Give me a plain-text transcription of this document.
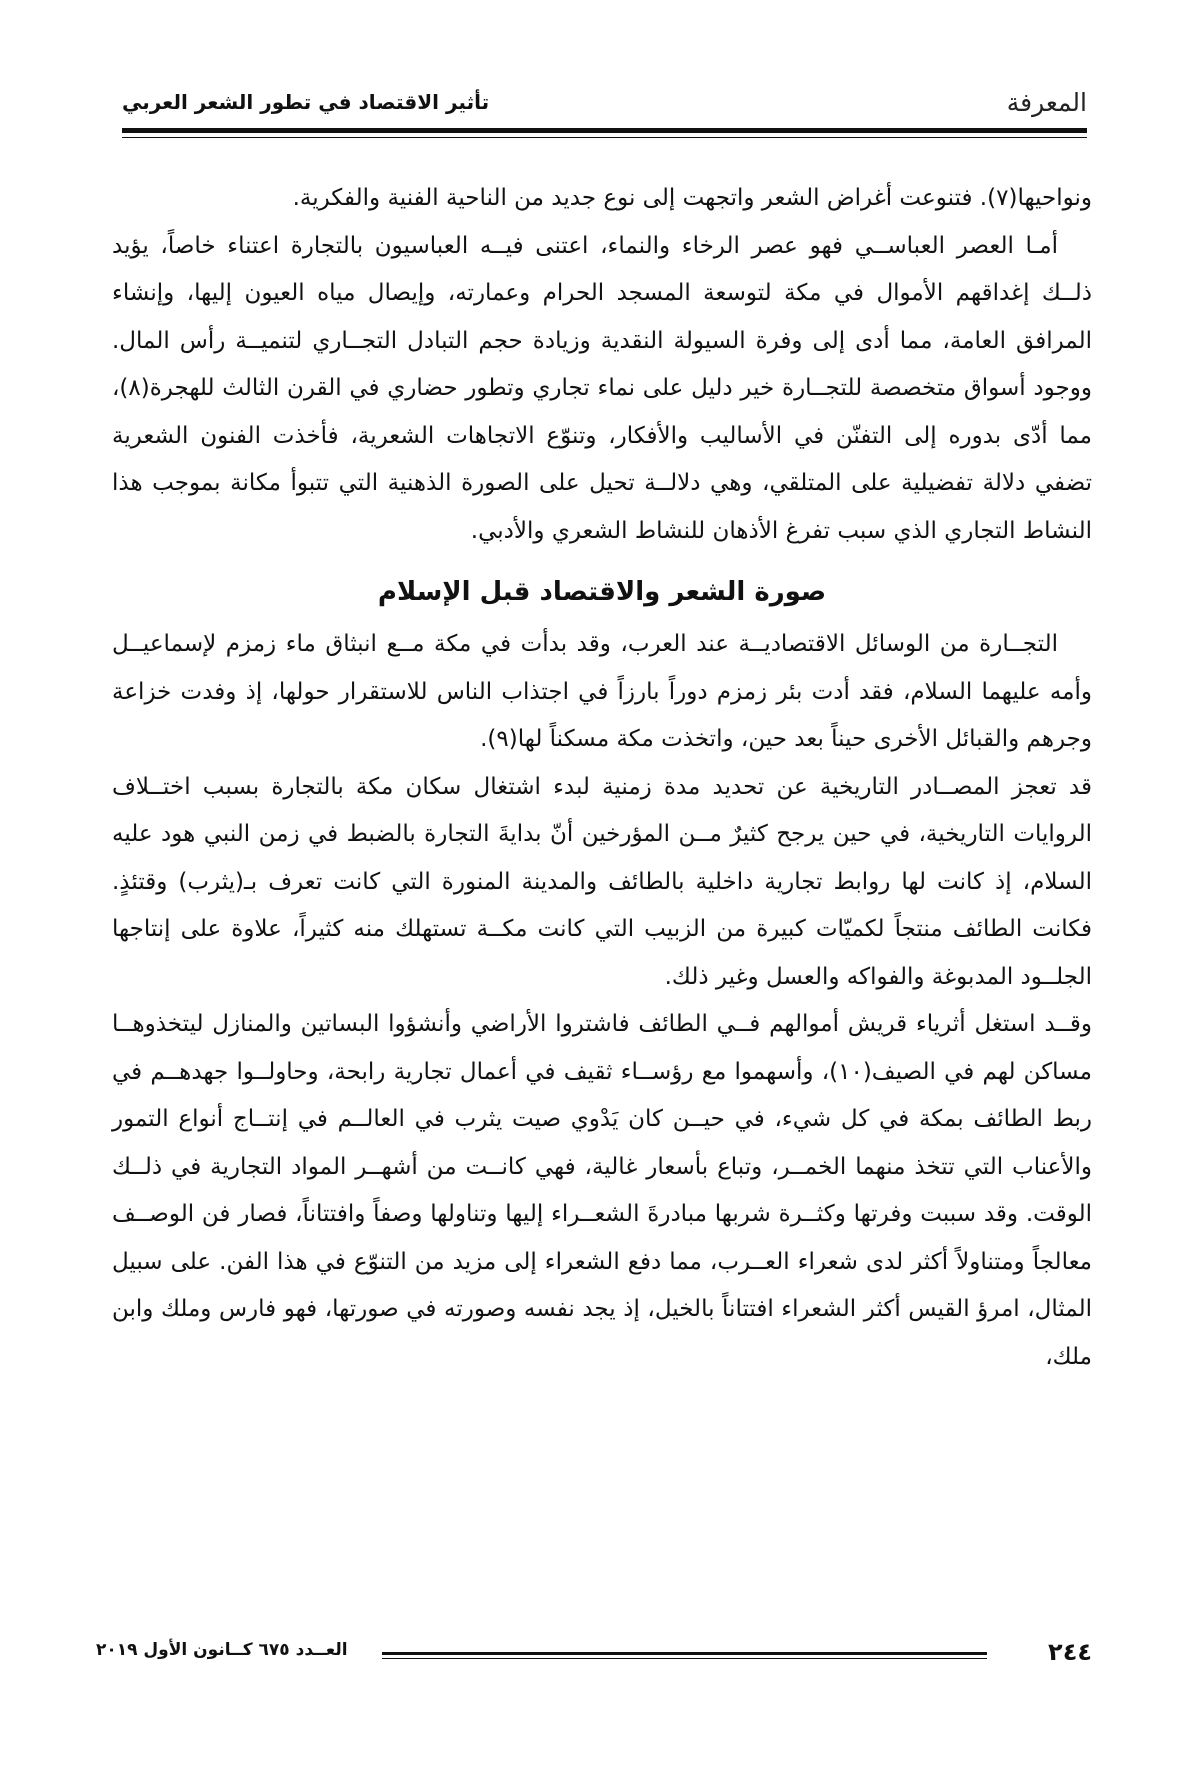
المعرفة
تأثير الاقتصاد في تطور الشعر العربي

ونواحيها(٧). فتنوعت أغراض الشعر واتجهت إلى نوع جديد من الناحية الفنية والفكرية.

أمـا العصر العباســي فهو عصر الرخاء والنماء، اعتنى فيــه العباسيون بالتجارة اعتناء خاصاً، يؤيد ذلــك إغداقهم الأموال في مكة لتوسعة المسجد الحرام وعمارته، وإيصال مياه العيون إليها، وإنشاء المرافق العامة، مما أدى إلى وفرة السيولة النقدية وزيادة حجم التبادل التجــاري لتنميــة رأس المال. ووجود أسواق متخصصة للتجــارة خير دليل على نماء تجاري وتطور حضاري في القرن الثالث للهجرة(٨)، مما أدّى بدوره إلى التفنّن في الأساليب والأفكار، وتنوّع الاتجاهات الشعرية، فأخذت الفنون الشعرية تضفي دلالة تفضيلية على المتلقي، وهي دلالــة تحيل على الصورة الذهنية التي تتبوأ مكانة بموجب هذا النشاط التجاري الذي سبب تفرغ الأذهان للنشاط الشعري والأدبي.

صورة الشعر والاقتصاد قبل الإسلام

التجــارة من الوسائل الاقتصاديــة عند العرب، وقد بدأت في مكة مــع انبثاق ماء زمزم لإسماعيــل وأمه عليهما السلام، فقد أدت بئر زمزم دوراً بارزاً في اجتذاب الناس للاستقرار حولها، إذ وفدت خزاعة وجرهم والقبائل الأخرى حيناً بعد حين، واتخذت مكة مسكناً لها(٩).

قد تعجز المصــادر التاريخية عن تحديد مدة زمنية لبدء اشتغال سكان مكة بالتجارة بسبب اختــلاف الروايات التاريخية، في حين يرجح كثيرٌ مــن المؤرخين أنّ بدايةَ التجارة بالضبط في زمن النبي هود عليه السلام، إذ كانت لها روابط تجارية داخلية بالطائف والمدينة المنورة التي كانت تعرف بـ(يثرب) وقتئذٍ. فكانت الطائف منتجاً لكميّات كبيرة من الزبيب التي كانت مكــة تستهلك منه كثيراً، علاوة على إنتاجها الجلــود المدبوغة والفواكه والعسل وغير ذلك.

وقــد استغل أثرياء قريش أموالهم فــي الطائف فاشتروا الأراضي وأنشؤوا البساتين والمنازل ليتخذوهــا مساكن لهم في الصيف(١٠)، وأسهموا مع رؤســاء ثقيف في أعمال تجارية رابحة، وحاولــوا جهدهــم في ربط الطائف بمكة في كل شيء، في حيــن كان يَدْوي صيت يثرب في العالــم في إنتــاج أنواع التمور والأعناب التي تتخذ منهما الخمــر، وتباع بأسعار غالية، فهي كانــت من أشهــر المواد التجارية في ذلــك الوقت. وقد سببت وفرتها وكثــرة شربها مبادرةَ الشعــراء إليها وتناولها وصفاً وافتتاناً، فصار فن الوصــف معالجاً ومتناولاً أكثر لدى شعراء العــرب، مما دفع الشعراء إلى مزيد من التنوّع في هذا الفن. على سبيل المثال، امرؤ القيس أكثر الشعراء افتتاناً بالخيل، إذ يجد نفسه وصورته في صورتها، فهو فارس وملك وابن ملك،

٢٤٤
العــدد ٦٧٥ كــانون الأول ٢٠١٩
